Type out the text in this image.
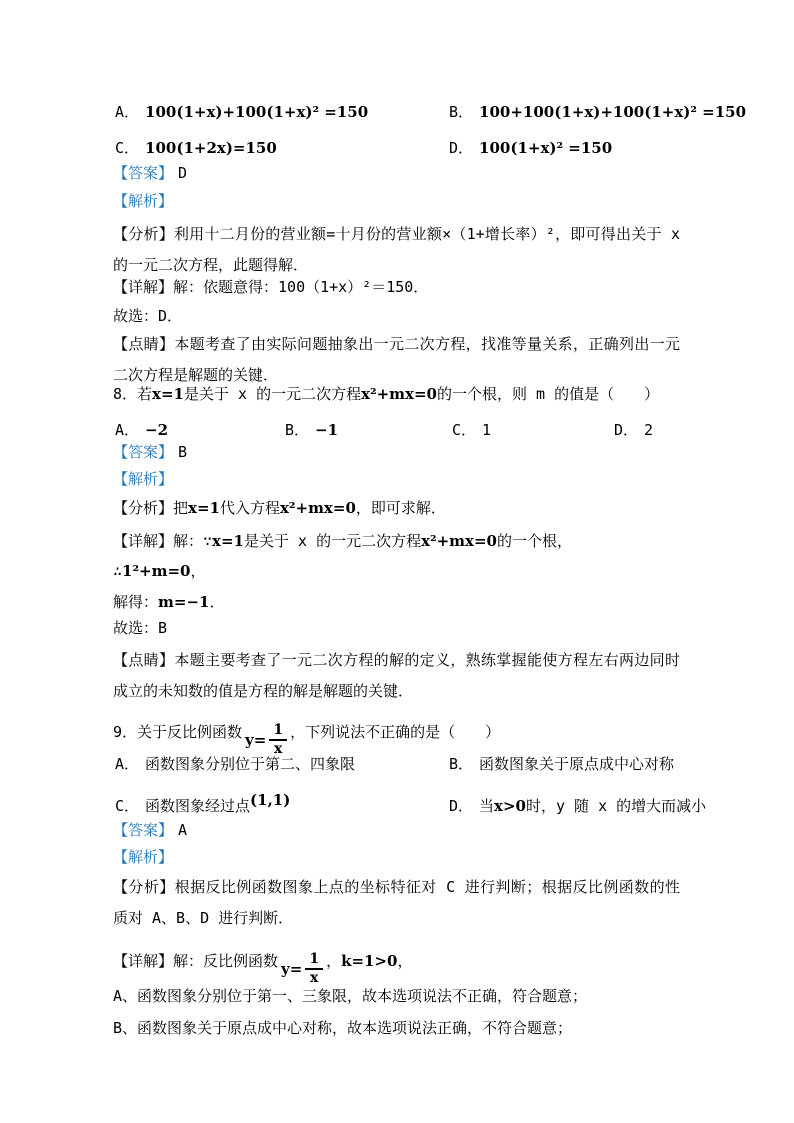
A． 100(1+x)+100(1+x)² =150	B． 100+100(1+x)+100(1+x)² =150
C． 100(1+2x)=150	D． 100(1+x)² =150
【答案】 D
【解析】
【分析】利用十二月份的营业额=十月份的营业额×（1+增长率）²，即可得出关于 x 的一元二次方程，此题得解．
【详解】解：依题意得：100（1+x）²＝150．
故选：D．
【点睛】本题考查了由实际问题抽象出一元二次方程，找准等量关系，正确列出一元二次方程是解题的关键．
8．若x=1是关于 x 的一元二次方程x²+mx=0的一个根，则 m 的值是（　　）
A． −2	B． −1	C． 1	D． 2
【答案】 B
【解析】
【分析】把x=1代入方程x²+mx=0，即可求解．
【详解】解：∵x=1是关于 x 的一元二次方程x²+mx=0的一个根，
∴1²+m=0，
解得：m=−1．
故选：B
【点睛】本题主要考查了一元二次方程的解的定义，熟练掌握能使方程左右两边同时成立的未知数的值是方程的解是解题的关键．
9．关于反比例函数 $y= \frac{1}{x}$ ，下列说法不正确的是（　　）
A． 函数图象分别位于第二、四象限	B． 函数图象关于原点成中心对称
C． 函数图象经过点(1,1)	D． 当x>0时，y 随 x 的增大而减小
【答案】 A
【解析】
【分析】根据反比例函数图象上点的坐标特征对 C 进行判断；根据反比例函数的性质对 A、B、D 进行判断．
【详解】解：反比例函数 $y= \frac{1}{x}$ ，k=1>0，
A、函数图象分别位于第一、三象限，故本选项说法不正确，符合题意；
B、函数图象关于原点成中心对称，故本选项说法正确，不符合题意；
